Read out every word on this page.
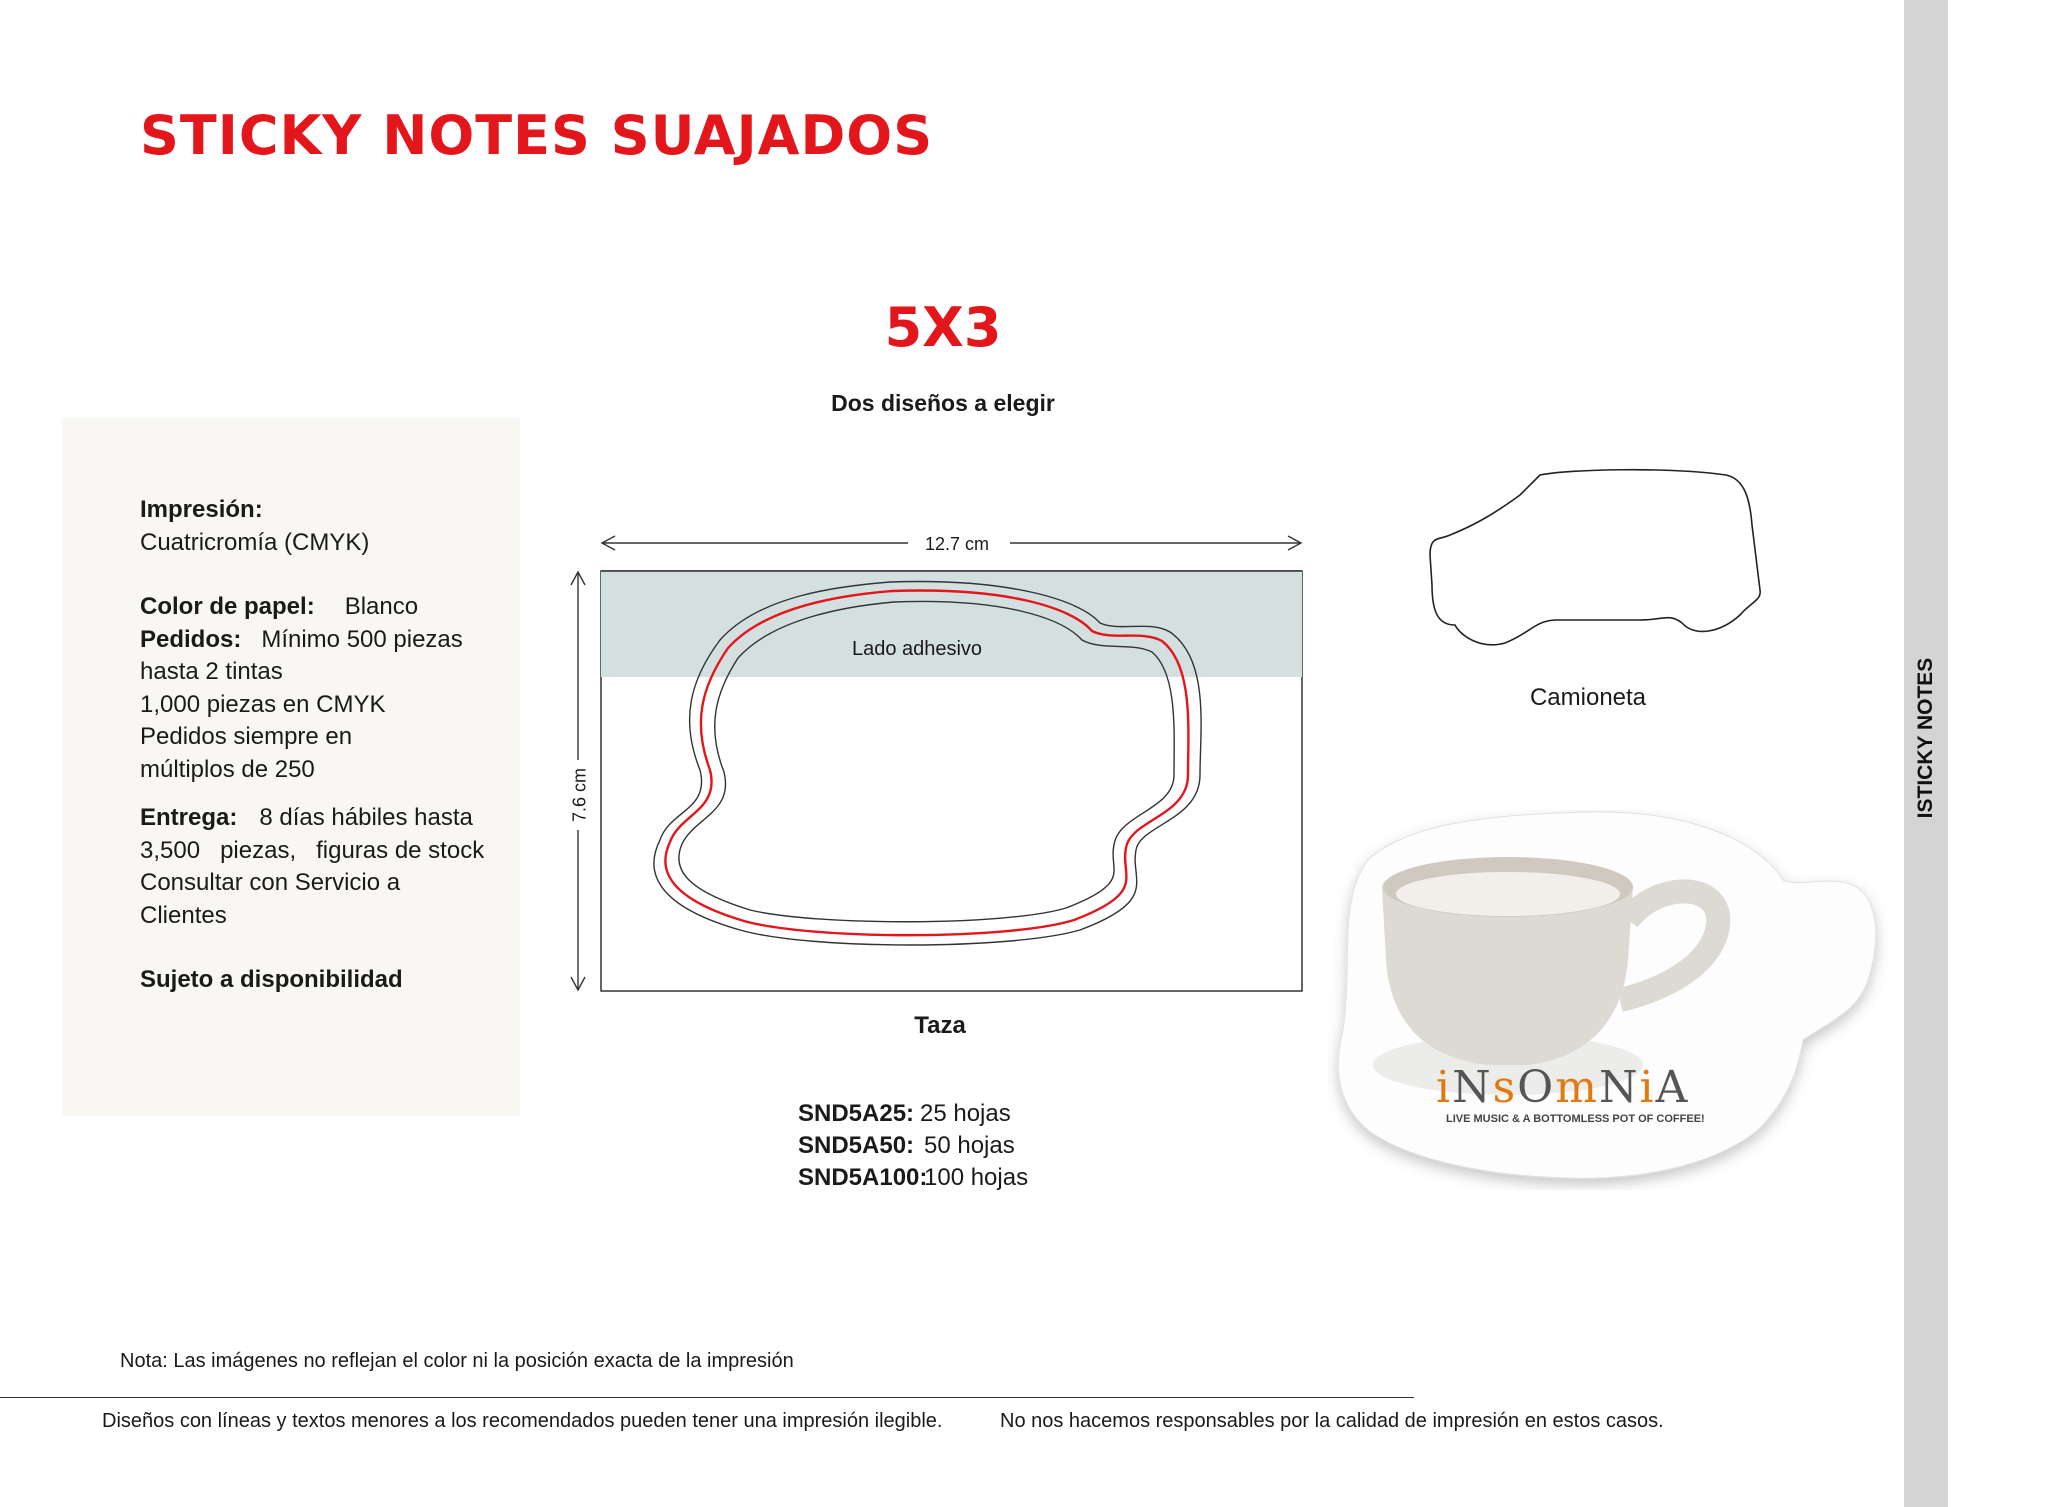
ISTICKY NOTES
STICKY NOTES SUAJADOS
5X3
Dos diseños a elegir
Impresión:
Cuatricromía (CMYK)
Color de papel: Blanco
Pedidos: Mínimo 500 piezas
hasta 2 tintas
1,000 piezas en CMYK
Pedidos siempre en
múltiplos de 250
Entrega: 8 días hábiles hasta
3,500   piezas,   figuras de stock
Consultar con Servicio a
Clientes
Sujeto a disponibilidad
12.7 cm
7.6 cm
Lado adhesivo
Taza
Camioneta
iNsOmNiA
LIVE MUSIC & A BOTTOMLESS POT OF COFFEE!
SND5A25: 25 hojas
SND5A50: 50 hojas
SND5A100:100 hojas
Nota: Las imágenes no reflejan el color ni la posición exacta de la impresión
Diseños con líneas y textos menores a los recomendados pueden tener una impresión ilegible.	No nos hacemos responsables por la calidad de impresión en estos casos.
